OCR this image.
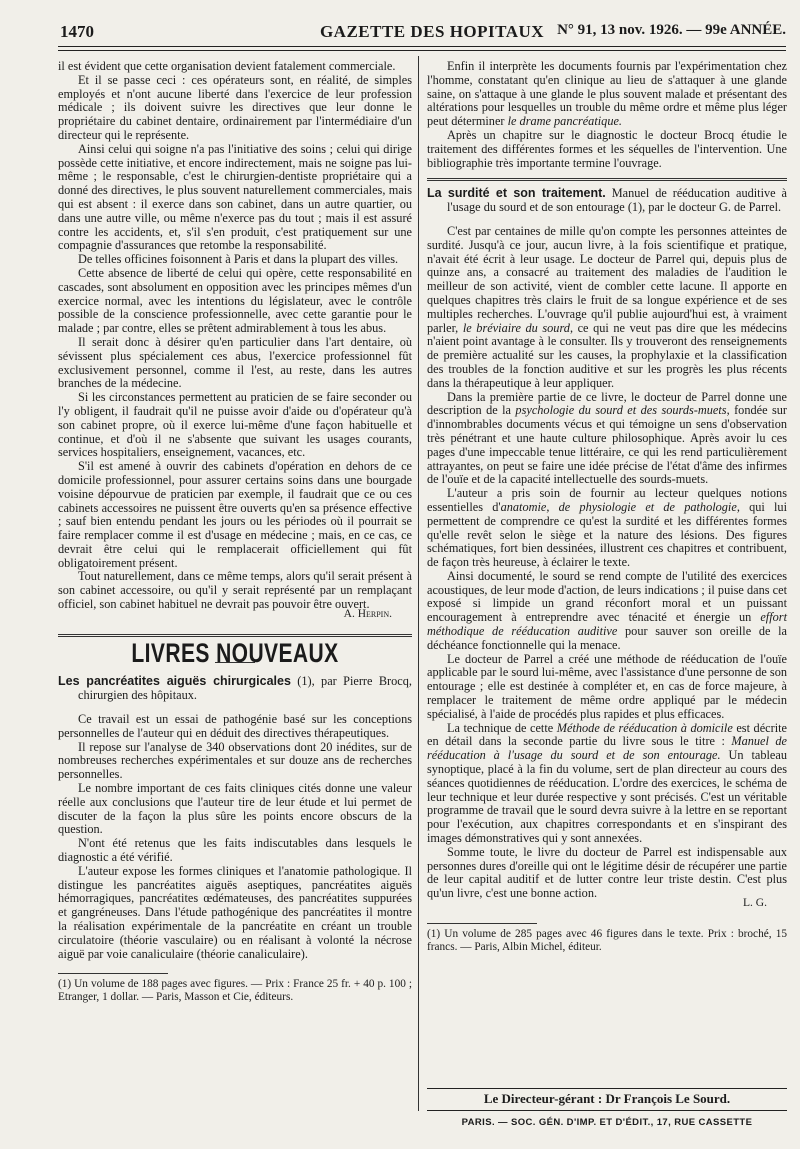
1470	GAZETTE DES HOPITAUX N° 91, 13 nov. 1926. — 99e ANNÉE.

il est évident que cette organisation devient fatalement commerciale.

Et il se passe ceci : ces opérateurs sont, en réalité, de simples employés et n'ont aucune liberté dans l'exercice de leur profession médicale ; ils doivent suivre les directives que leur donne le propriétaire du cabinet dentaire, ordinairement par l'intermédiaire d'un directeur qui le représente.

Ainsi celui qui soigne n'a pas l'initiative des soins ; celui qui dirige possède cette initiative, et encore indirectement, mais ne soigne pas lui-même ; le responsable, c'est le chirurgien-dentiste propriétaire qui a donné des directives, le plus souvent naturellement commerciales, mais qui est absent : il exerce dans son cabinet, dans un autre quartier, ou dans une autre ville, ou même n'exerce pas du tout ; mais il est assuré contre les accidents, et, s'il s'en produit, c'est pratiquement sur une compagnie d'assurances que retombe la responsabilité.

De telles officines foisonnent à Paris et dans la plupart des villes.

Cette absence de liberté de celui qui opère, cette responsabilité en cascades, sont absolument en opposition avec les principes mêmes d'un exercice normal, avec les intentions du législateur, avec le contrôle possible de la conscience professionnelle, avec cette garantie pour le malade ; par contre, elles se prêtent admirablement à tous les abus.

Il serait donc à désirer qu'en particulier dans l'art dentaire, où sévissent plus spécialement ces abus, l'exercice professionnel fût exclusivement personnel, comme il l'est, au reste, dans les autres branches de la médecine.

Si les circonstances permettent au praticien de se faire seconder ou l'y obligent, il faudrait qu'il ne puisse avoir d'aide ou d'opérateur qu'à son cabinet propre, où il exerce lui-même d'une façon habituelle et continue, et d'où il ne s'absente que suivant les usages courants, services hospitaliers, enseignement, vacances, etc.

S'il est amené à ouvrir des cabinets d'opération en dehors de ce domicile professionnel, pour assurer certains soins dans une bourgade voisine dépourvue de praticien par exemple, il faudrait que ce ou ces cabinets accessoires ne puissent être ouverts qu'en sa présence effective ; sauf bien entendu pendant les jours ou les périodes où il pourrait se faire remplacer comme il est d'usage en médecine ; mais, en ce cas, ce devrait être celui qui le remplacerait officiellement qui fût obligatoirement présent.

Tout naturellement, dans ce même temps, alors qu'il serait présent à son cabinet accessoire, ou qu'il y serait représenté par un remplaçant officiel, son cabinet habituel ne devrait pas pouvoir être ouvert.

A. Herpin.
LIVRES NOUVEAUX

Les pancréatites aiguës chirurgicales (1), par Pierre Brocq, chirurgien des hôpitaux.

Ce travail est un essai de pathogénie basé sur les conceptions personnelles de l'auteur qui en déduit des directives thérapeutiques.

Il repose sur l'analyse de 340 observations dont 20 inédites, sur de nombreuses recherches expérimentales et sur douze ans de recherches personnelles.

Le nombre important de ces faits cliniques cités donne une valeur réelle aux conclusions que l'auteur tire de leur étude et lui permet de discuter de la façon la plus sûre les points encore obscurs de la question.

N'ont été retenus que les faits indiscutables dans lesquels le diagnostic a été vérifié.

L'auteur expose les formes cliniques et l'anatomie pathologique. Il distingue les pancréatites aiguës aseptiques, pancréatites aiguës hémorragiques, pancréatites œdémateuses, des pancréatites suppurées et gangréneuses. Dans l'étude pathogénique des pancréatites il montre la réalisation expérimentale de la pancréatite en créant un trouble circulatoire (théorie vasculaire) ou en réalisant à volonté la nécrose aiguë par voie canaliculaire (théorie canaliculaire).

(1) Un volume de 188 pages avec figures. — Prix : France 25 fr. + 40 p. 100 ; Etranger, 1 dollar. — Paris, Masson et Cie, éditeurs.

Enfin il interprète les documents fournis par l'expérimentation chez l'homme, constatant qu'en clinique au lieu de s'attaquer à une glande saine, on s'attaque à une glande le plus souvent malade et présentant des altérations pour lesquelles un trouble du même ordre et même plus léger peut déterminer le drame pancréatique.

Après un chapitre sur le diagnostic le docteur Brocq étudie le traitement des différentes formes et les séquelles de l'intervention. Une bibliographie très importante termine l'ouvrage.

La surdité et son traitement. Manuel de rééducation auditive à l'usage du sourd et de son entourage (1), par le docteur G. de Parrel.

C'est par centaines de mille qu'on compte les personnes atteintes de surdité. Jusqu'à ce jour, aucun livre, à la fois scientifique et pratique, n'avait été écrit à leur usage. Le docteur de Parrel qui, depuis plus de quinze ans, a consacré au traitement des maladies de l'audition le meilleur de son activité, vient de combler cette lacune. Il apporte en quelques chapitres très clairs le fruit de sa longue expérience et de ses multiples recherches. L'ouvrage qu'il publie aujourd'hui est, à vraiment parler, le bréviaire du sourd, ce qui ne veut pas dire que les médecins n'aient point avantage à le consulter. Ils y trouveront des renseignements de première actualité sur les causes, la prophylaxie et la classification des troubles de la fonction auditive et sur les progrès les plus récents dans la thérapeutique à leur appliquer.

Dans la première partie de ce livre, le docteur de Parrel donne une description de la psychologie du sourd et des sourds-muets, fondée sur d'innombrables documents vécus et qui témoigne un sens d'observation très pénétrant et une haute culture philosophique. Après avoir lu ces pages d'une impeccable tenue littéraire, ce qui les rend particulièrement attrayantes, on peut se faire une idée précise de l'état d'âme des infirmes de l'ouïe et de la capacité intellectuelle des sourds-muets.

L'auteur a pris soin de fournir au lecteur quelques notions essentielles d'anatomie, de physiologie et de pathologie, qui lui permettent de comprendre ce qu'est la surdité et les différentes formes qu'elle revêt selon le siège et la nature des lésions. Des figures schématiques, fort bien dessinées, illustrent ces chapitres et contribuent, de façon très heureuse, à éclairer le texte.

Ainsi documenté, le sourd se rend compte de l'utilité des exercices acoustiques, de leur mode d'action, de leurs indications ; il puise dans cet exposé si limpide un grand réconfort moral et un puissant encouragement à entreprendre avec ténacité et énergie un effort méthodique de rééducation auditive pour sauver son oreille de la déchéance fonctionnelle qui la menace.

Le docteur de Parrel a créé une méthode de rééducation de l'ouïe applicable par le sourd lui-même, avec l'assistance d'une personne de son entourage ; elle est destinée à compléter et, en cas de force majeure, à remplacer le traitement de même ordre appliqué par le médecin spécialisé, à l'aide de procédés plus rapides et plus efficaces.

La technique de cette Méthode de rééducation à domicile est décrite en détail dans la seconde partie du livre sous le titre : Manuel de rééducation à l'usage du sourd et de son entourage. Un tableau synoptique, placé à la fin du volume, sert de plan directeur au cours des séances quotidiennes de rééducation. L'ordre des exercices, le schéma de leur technique et leur durée respective y sont précisés. C'est un véritable programme de travail que le sourd devra suivre à la lettre en se reportant pour l'exécution, aux chapitres correspondants et en s'inspirant des images démonstratives qui y sont annexées.

Somme toute, le livre du docteur de Parrel est indispensable aux personnes dures d'oreille qui ont le légitime désir de récupérer une partie de leur capital auditif et de lutter contre leur triste destin. C'est plus qu'un livre, c'est une bonne action.

L. G.

(1) Un volume de 285 pages avec 46 figures dans le texte. Prix : broché, 15 francs. — Paris, Albin Michel, éditeur.

Le Directeur-gérant : Dr François Le Sourd.
PARIS. — SOC. GÉN. D'IMP. ET D'ÉDIT., 17, RUE CASSETTE
